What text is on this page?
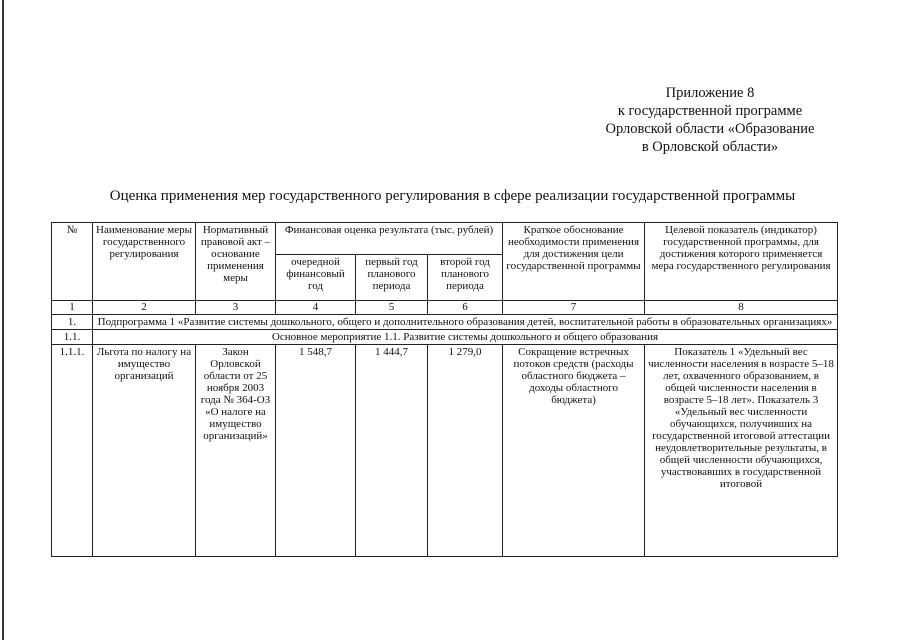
Приложение 8
к государственной программе
Орловской области «Образование
в Орловской области»
Оценка применения мер государственного регулирования в сфере реализации государственной программы
№	Наименование меры государственного регулирования	Нормативный правовой акт – основание применения меры	Финансовая оценка результата (тыс. рублей)			Краткое обоснование необходимости применения для достижения цели государственной программы	Целевой показатель (индикатор) государственной программы, для достижения которого применяется мера государственного регулирования
			очередной финансовый год	первый год планового периода	второй год планового периода		
1	2	3	4	5	6	7	8
1.	Подпрограмма 1 «Развитие системы дошкольного, общего и дополнительного образования детей, воспитательной работы в образовательных организациях»						
1.1.	Основное мероприятие 1.1. Развитие системы дошкольного и общего образования						
1.1.1.	Льгота по налогу на имущество организаций	Закон Орловской области от 25 ноября 2003 года № 364-ОЗ «О налоге на имущество организаций»	1 548,7	1 444,7	1 279,0	Сокращение встречных потоков средств (расходы областного бюджета – доходы областного бюджета)	Показатель 1 «Удельный вес численности населения в возрасте 5–18 лет, охваченного образованием, в общей численности населения в возрасте 5–18 лет». Показатель 3 «Удельный вес численности обучающихся, получивших на государственной итоговой аттестации неудовлетворительные результаты, в общей численности обучающихся, участвовавших в государственной итоговой
